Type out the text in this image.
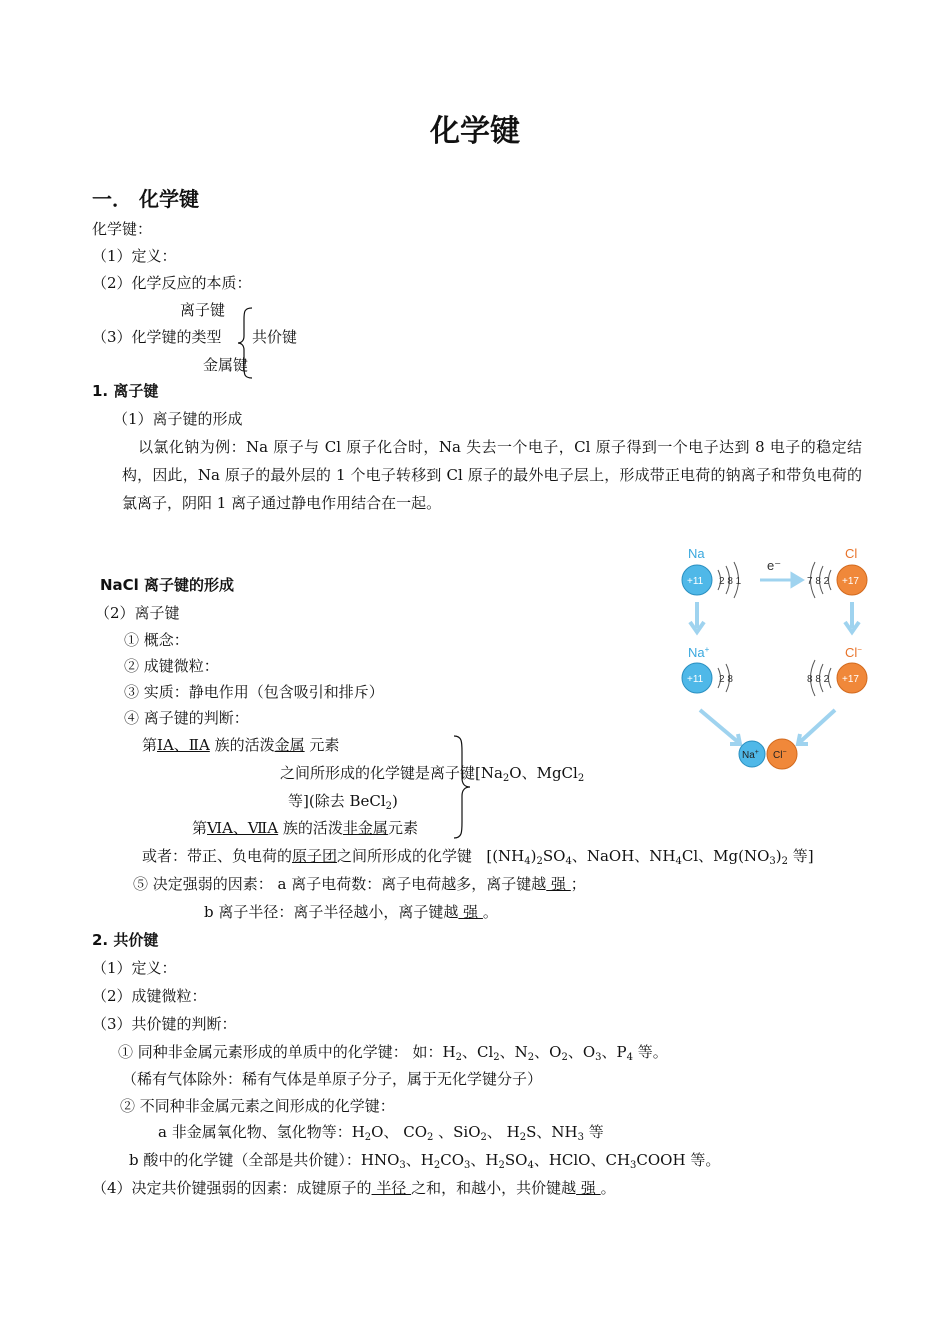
化学键
一． 化学键
化学键：
（1）定义：
（2）化学反应的本质：
离子键
（3）化学键的类型 共价键
金属键
1. 离子键
（1）离子键的形成
以氯化钠为例：Na 原子与 Cl 原子化合时，Na 失去一个电子，Cl 原子得到一个电子达到 8 电子的稳定结构，因此，Na 原子的最外层的 1 个电子转移到 Cl 原子的最外电子层上，形成带正电荷的钠离子和带负电荷的氯离子，阴阳 1 离子通过静电作用结合在一起。
NaCl 离子键的形成
（2）离子键
① 概念：
② 成键微粒：
③ 实质：静电作用（包含吸引和排斥）
④ 离子键的判断：
第IA、ⅡA 族的活泼金属 元素
之间所形成的化学键是离子键[$Na_2O$、MgCl$_2$
等](除去 BeCl$_2$)
第ⅥA、ⅦA 族的活泼非金属元素
或者：带正、负电荷的原子团之间所形成的化学键   [$(NH_4)_2SO_4$、NaOH、$NH_4Cl$、$Mg(NO_3)_2$ 等]
⑤ 决定强弱的因素： a 离子电荷数：离子电荷越多，离子键越 强 ；
b 离子半径：离子半径越小，离子键越 强 。
2. 共价键
（1）定义：
（2）成键微粒：
（3）共价键的判断：
① 同种非金属元素形成的单质中的化学键： 如：$H_2$、$Cl_2$、$N_2$、$O_2$、$O_3$、$P_4$ 等。
（稀有气体除外：稀有气体是单原子分子，属于无化学键分子）
② 不同种非金属元素之间形成的化学键：
a 非金属氧化物、氢化物等：$H_2O$、 $CO_2$ 、SiO$_2$、 $H_2S$、$NH_3$ 等
b 酸中的化学键（全部是共价键）：$HNO_3$、$H_2CO_3$、$H_2SO_4$、HClO、$CH_3COOH$ 等。
（4）决定共价键强弱的因素：成键原子的 半径 之和，和越小，共价键越 强 。
Na	Cl
e⁻
+11 2 8 1	+17
7 8 2
Na+	Cl−
+11 2 8	+17
8 8 2
Na+ Cl−
